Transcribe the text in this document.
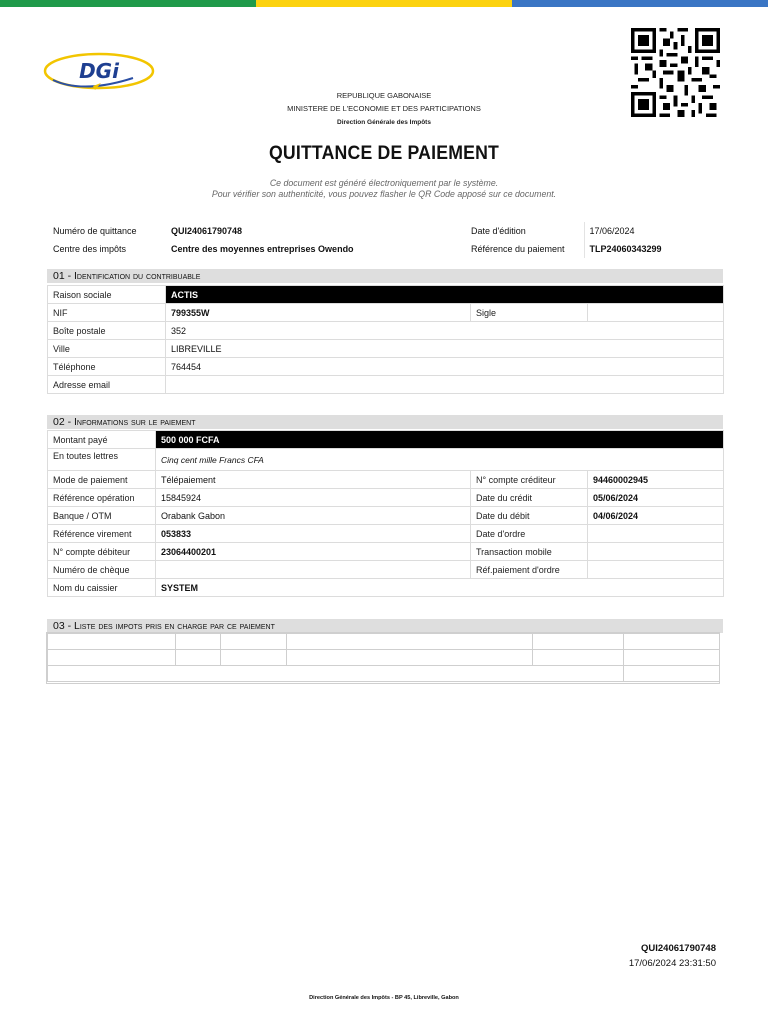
DGi
REPUBLIQUE GABONAISE
MINISTERE DE L'ECONOMIE ET DES PARTICIPATIONS
Direction Générale des Impôts
QUITTANCE DE PAIEMENT
Ce document est généré électroniquement par le système.
Pour vérifier son authenticité, vous pouvez flasher le QR Code apposé sur ce document.
Numéro de quittance	QUI24061790748	Date d'édition	17/06/2024
Centre des impôts	Centre des moyennes entreprises Owendo	Référence du paiement	TLP24060343299
01 - Identification du contribuable
Raison sociale	ACTIS		
NIF	799355W	Sigle	
Boîte postale	352		
Ville	LIBREVILLE		
Téléphone	764454		
Adresse email			
02 - Informations sur le paiement
Montant payé	500 000 FCFA		
En toutes lettres	Cinq cent mille Francs CFA		
Mode de paiement	Télépaiement	N° compte créditeur	94460002945
Référence opération	15845924	Date du crédit	05/06/2024
Banque / OTM	Orabank Gabon	Date du débit	04/06/2024
Référence virement	053833	Date d'ordre	
N° compte débiteur	23064400201	Transaction mobile	
Numéro de chèque		Réf.paiement d'ordre	
Nom du caissier	SYSTEM		
03 - Liste des impots pris en charge par ce paiement

QUI24061790748
17/06/2024 23:31:50
Direction Générale des Impôts - BP 45, Libreville, Gabon
